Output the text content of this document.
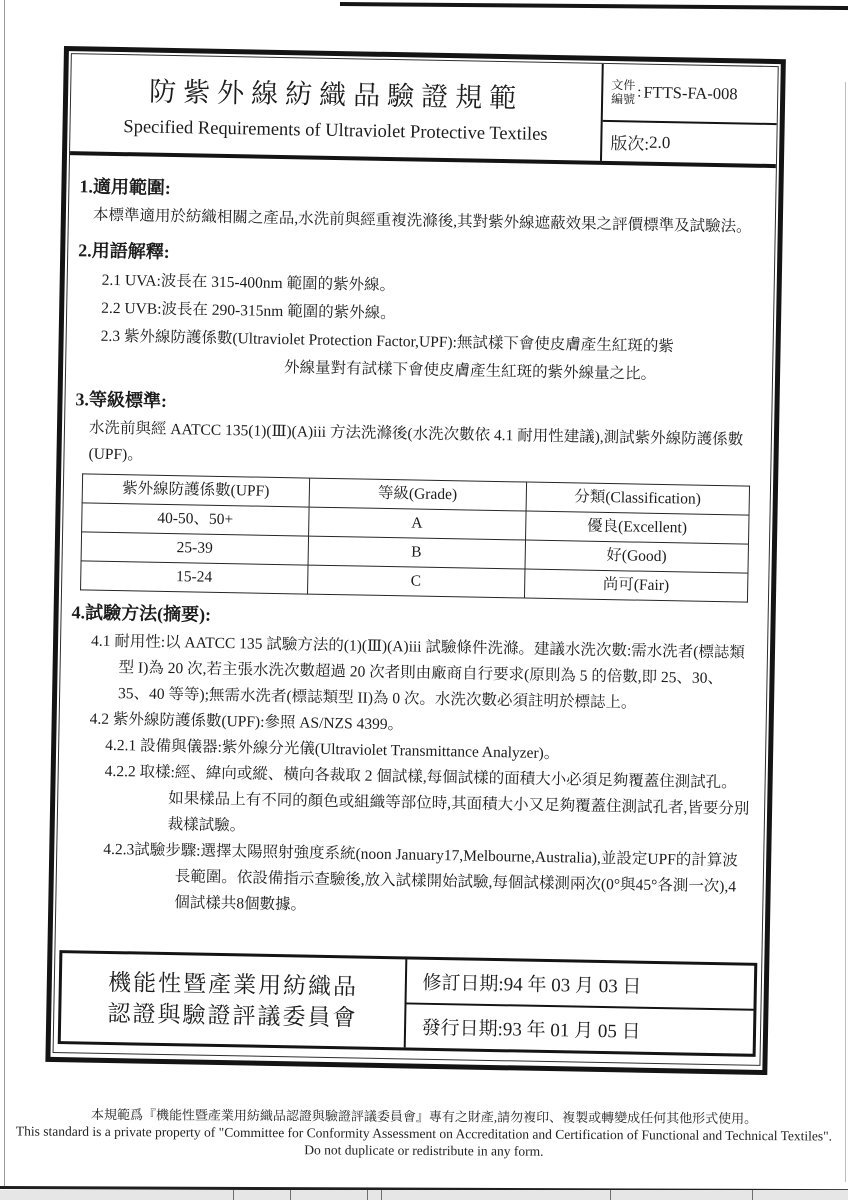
防紫外線紡織品驗證規範
Specified Requirements of Ultraviolet Protective Textiles
文件
編號 : FTTS-FA-008
版次: 2.0
1.適用範圍:
本標準適用於紡織相關之產品,水洗前與經重複洗滌後,其對紫外線遮蔽效果之評價標準及試驗法。
2.用語解釋:
2.1 UVA:波長在 315-400nm 範圍的紫外線。
2.2 UVB:波長在 290-315nm 範圍的紫外線。
2.3 紫外線防護係數(Ultraviolet Protection Factor,UPF):無試樣下會使皮膚產生紅斑的紫
外線量對有試樣下會使皮膚產生紅斑的紫外線量之比。
3.等級標準:
水洗前與經 AATCC 135(1)(Ⅲ)(A)iii 方法洗滌後(水洗次數依 4.1 耐用性建議),測試紫外線防護係數(UPF)。
紫外線防護係數(UPF)	等級(Grade)	分類(Classification)
40-50、50+	A	優良(Excellent)
25-39	B	好(Good)
15-24	C	尚可(Fair)
4.試驗方法(摘要):
4.1 耐用性:以 AATCC 135 試驗方法的(1)(Ⅲ)(A)iii 試驗條件洗滌。建議水洗次數:需水洗者(標誌類型 I)為 20 次,若主張水洗次數超過 20 次者則由廠商自行要求(原則為 5 的倍數,即 25、30、35、40 等等);無需水洗者(標誌類型 II)為 0 次。水洗次數必須註明於標誌上。
4.2 紫外線防護係數(UPF):參照 AS/NZS 4399。
4.2.1 設備與儀器:紫外線分光儀(Ultraviolet Transmittance Analyzer)。
4.2.2 取樣:經、緯向或縱、橫向各裁取 2 個試樣,每個試樣的面積大小必須足夠覆蓋住測試孔。如果樣品上有不同的顏色或組織等部位時,其面積大小又足夠覆蓋住測試孔者,皆要分別裁樣試驗。
4.2.3試驗步驟:選擇太陽照射強度系統(noon January17,Melbourne,Australia),並設定UPF的計算波長範圍。依設備指示查驗後,放入試樣開始試驗,每個試樣測兩次(0°與45°各測一次),4個試樣共8個數據。
機能性暨產業用紡織品
認證與驗證評議委員會
修訂日期:94 年 03 月 03 日
發行日期:93 年 01 月 05 日
本規範爲『機能性暨產業用紡織品認證與驗證評議委員會』專有之財產,請勿複印、複製或轉變成任何其他形式使用。
This standard is a private property of "Committee for Conformity Assessment on Accreditation and Certification of Functional and Technical Textiles".
Do not duplicate or redistribute in any form.
